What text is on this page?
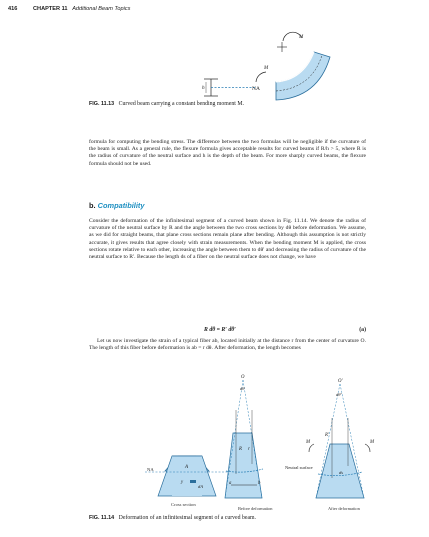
416	CHAPTER 11 Additional Beam Topics
NA
h
M
M
FIG. 11.13 Curved beam carrying a constant bending moment M.

formula for computing the bending stress. The difference between the two formulas will be negligible if the curvature of the beam is small. As a general rule, the flexure formula gives acceptable results for curved beams if R/h > 5, where R is the radius of curvature of the neutral surface and h is the depth of the beam. For more sharply curved beams, the flexure formula should not be used.

b. Compatibility

Consider the deformation of the infinitesimal segment of a curved beam shown in Fig. 11.14. We denote the radius of curvature of the neutral surface by R and the angle between the two cross sections by dθ before deformation. We assume, as we did for straight beams, that plane cross sections remain plane after bending. Although this assumption is not strictly accurate, it gives results that agree closely with strain measurements. When the bending moment M is applied, the cross sections rotate relative to each other, increasing the angle between them to dθ′ and decreasing the radius of curvature of the neutral surface to R′. Because the length ds of a fiber on the neutral surface does not change, we have

R dθ = R′ dθ′	(a)

Let us now investigate the strain of a typical fiber ab, located initially at the distance r from the center of curvature O. The length of this fiber before deformation is ab = r dθ. After deformation, the length becomes

A
NA
dA
y
O
dθ
r
R
a	b
Neutral surface
O′
dθ′
R′
M	M
ds
Cross section
Before deformation	After deformation
FIG. 11.14 Deformation of an infinitesimal segment of a curved beam.
